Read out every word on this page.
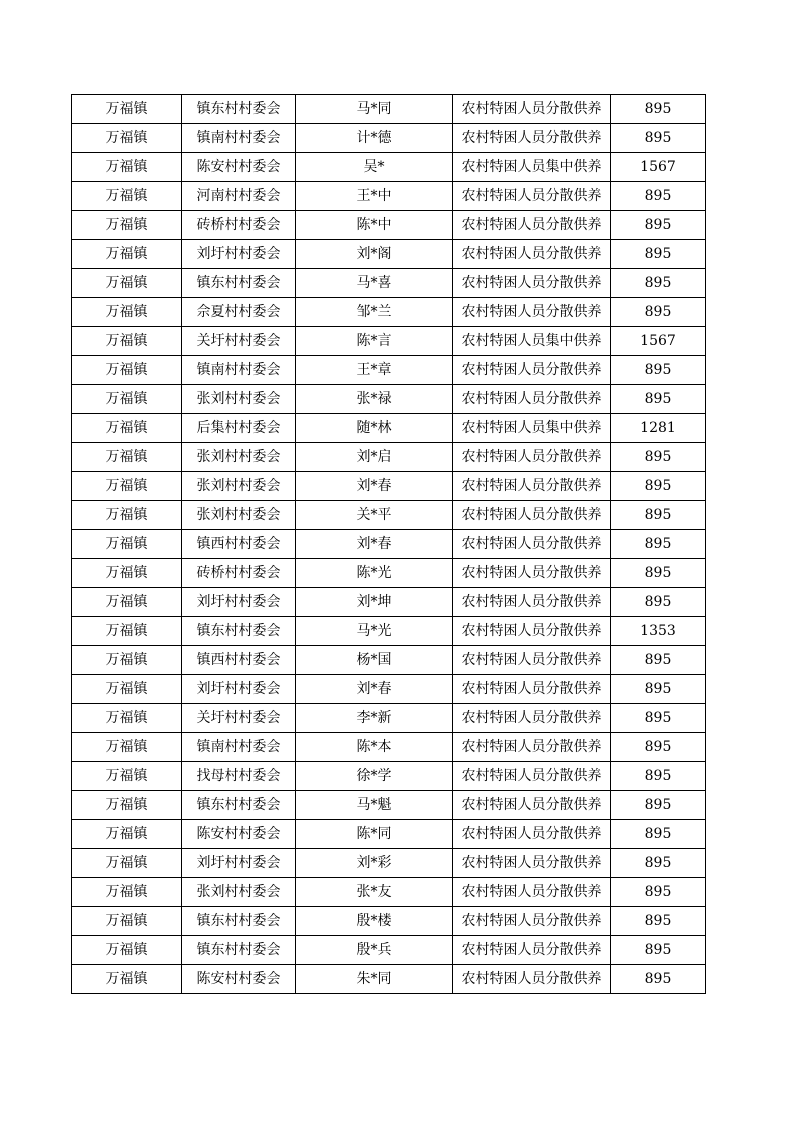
万福镇	镇东村村委会	马*同	农村特困人员分散供养	895
万福镇	镇南村村委会	计*德	农村特困人员分散供养	895
万福镇	陈安村村委会	吴*	农村特困人员集中供养	1567
万福镇	河南村村委会	王*中	农村特困人员分散供养	895
万福镇	砖桥村村委会	陈*中	农村特困人员分散供养	895
万福镇	刘圩村村委会	刘*阁	农村特困人员分散供养	895
万福镇	镇东村村委会	马*喜	农村特困人员分散供养	895
万福镇	佘夏村村委会	邹*兰	农村特困人员分散供养	895
万福镇	关圩村村委会	陈*言	农村特困人员集中供养	1567
万福镇	镇南村村委会	王*章	农村特困人员分散供养	895
万福镇	张刘村村委会	张*禄	农村特困人员分散供养	895
万福镇	后集村村委会	随*林	农村特困人员集中供养	1281
万福镇	张刘村村委会	刘*启	农村特困人员分散供养	895
万福镇	张刘村村委会	刘*春	农村特困人员分散供养	895
万福镇	张刘村村委会	关*平	农村特困人员分散供养	895
万福镇	镇西村村委会	刘*春	农村特困人员分散供养	895
万福镇	砖桥村村委会	陈*光	农村特困人员分散供养	895
万福镇	刘圩村村委会	刘*坤	农村特困人员分散供养	895
万福镇	镇东村村委会	马*光	农村特困人员分散供养	1353
万福镇	镇西村村委会	杨*国	农村特困人员分散供养	895
万福镇	刘圩村村委会	刘*春	农村特困人员分散供养	895
万福镇	关圩村村委会	李*新	农村特困人员分散供养	895
万福镇	镇南村村委会	陈*本	农村特困人员分散供养	895
万福镇	找母村村委会	徐*学	农村特困人员分散供养	895
万福镇	镇东村村委会	马*魁	农村特困人员分散供养	895
万福镇	陈安村村委会	陈*同	农村特困人员分散供养	895
万福镇	刘圩村村委会	刘*彩	农村特困人员分散供养	895
万福镇	张刘村村委会	张*友	农村特困人员分散供养	895
万福镇	镇东村村委会	殷*楼	农村特困人员分散供养	895
万福镇	镇东村村委会	殷*兵	农村特困人员分散供养	895
万福镇	陈安村村委会	朱*同	农村特困人员分散供养	895
